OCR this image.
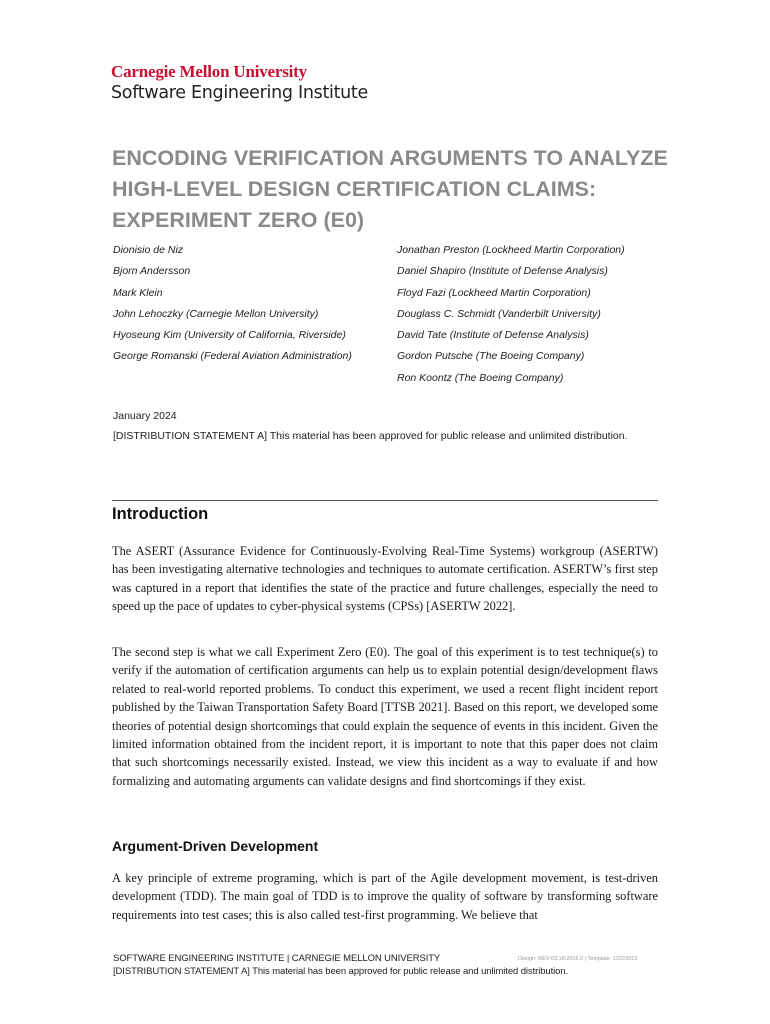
Carnegie Mellon University
Software Engineering Institute
ENCODING VERIFICATION ARGUMENTS TO ANALYZE HIGH-LEVEL DESIGN CERTIFICATION CLAIMS: EXPERIMENT ZERO (E0)
Dionisio de Niz
Bjorn Andersson
Mark Klein
John Lehoczky (Carnegie Mellon University)
Hyoseung Kim (University of California, Riverside)
George Romanski (Federal Aviation Administration)
Jonathan Preston (Lockheed Martin Corporation)
Daniel Shapiro (Institute of Defense Analysis)
Floyd Fazi (Lockheed Martin Corporation)
Douglass C. Schmidt (Vanderbilt University)
David Tate (Institute of Defense Analysis)
Gordon Putsche (The Boeing Company)
Ron Koontz (The Boeing Company)

January 2024

[DISTRIBUTION STATEMENT A] This material has been approved for public release and unlimited distribution.

Introduction

The ASERT (Assurance Evidence for Continuously-Evolving Real-Time Systems) workgroup (ASERTW) has been investigating alternative technologies and techniques to automate certification. ASERTW’s first step was captured in a report that identifies the state of the practice and future challenges, especially the need to speed up the pace of updates to cyber-physical systems (CPSs) [ASERTW 2022].

The second step is what we call Experiment Zero (E0). The goal of this experiment is to test technique(s) to verify if the automation of certification arguments can help us to explain potential design/development flaws related to real-world reported problems. To conduct this experiment, we used a recent flight incident report published by the Taiwan Transportation Safety Board [TTSB 2021]. Based on this report, we developed some theories of potential design shortcomings that could explain the sequence of events in this incident. Given the limited information obtained from the incident report, it is important to note that this paper does not claim that such shortcomings necessarily existed. Instead, we view this incident as a way to evaluate if and how formalizing and automating arguments can validate designs and find shortcomings if they exist.

Argument-Driven Development

A key principle of extreme programing, which is part of the Agile development movement, is test-driven development (TDD). The main goal of TDD is to improve the quality of software by transforming software requirements into test cases; this is also called test-first programming. We believe that

SOFTWARE ENGINEERING INSTITUTE | CARNEGIE MELLON UNIVERSITY	Design: REV-03.18.2016.0 | Template: 12222023

[DISTRIBUTION STATEMENT A] This material has been approved for public release and unlimited distribution.
